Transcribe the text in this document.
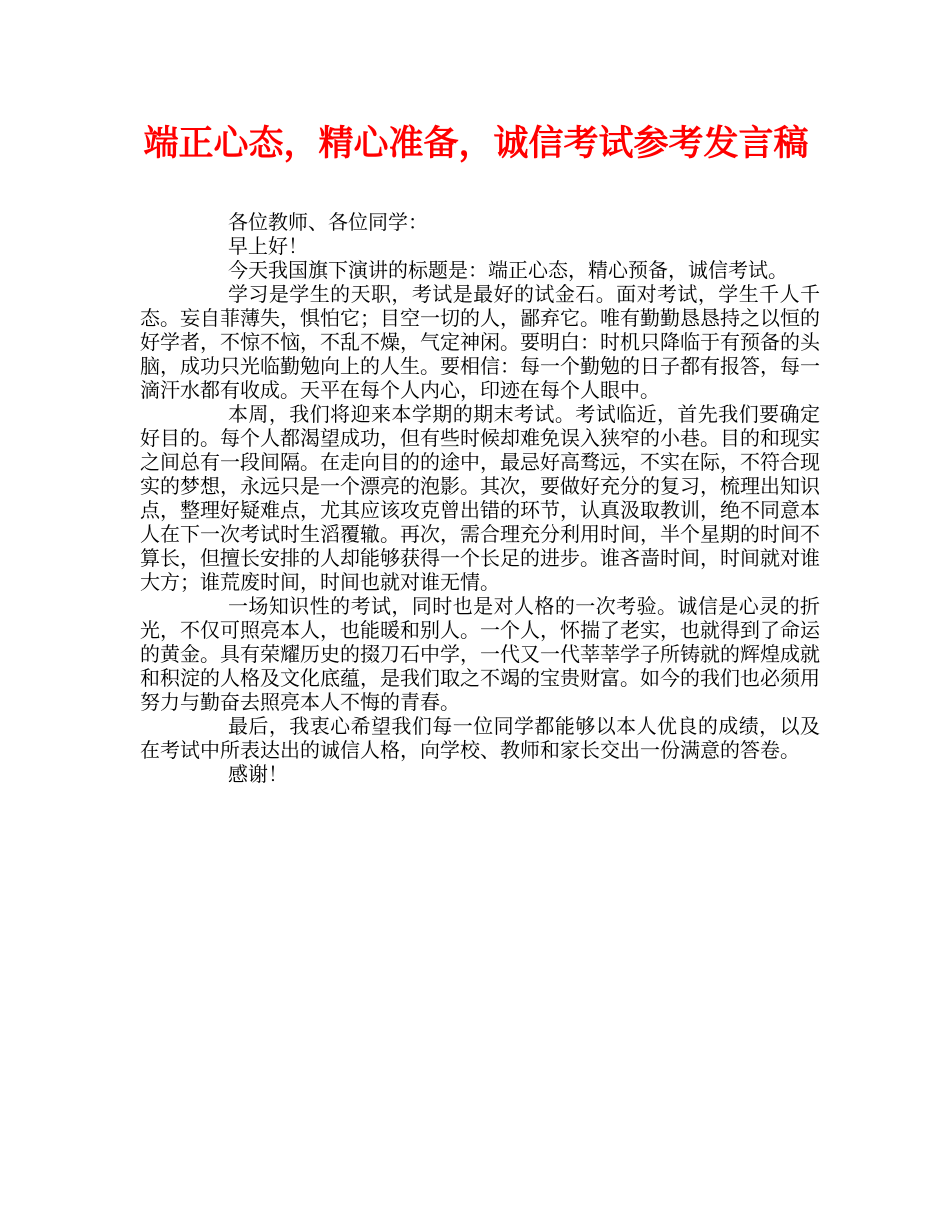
端正心态，精心准备，诚信考试参考发言稿

各位教师、各位同学：

早上好！

今天我国旗下演讲的标题是：端正心态，精心预备，诚信考试。

学习是学生的天职，考试是最好的试金石。面对考试，学生千人千态。妄自菲薄失，惧怕它；目空一切的人，鄙弃它。唯有勤勤恳恳持之以恒的好学者，不惊不恼，不乱不燥，气定神闲。要明白：时机只降临于有预备的头脑，成功只光临勤勉向上的人生。要相信：每一个勤勉的日子都有报答，每一滴汗水都有收成。天平在每个人内心，印迹在每个人眼中。

本周，我们将迎来本学期的期末考试。考试临近，首先我们要确定好目的。每个人都渴望成功，但有些时候却难免误入狭窄的小巷。目的和现实之间总有一段间隔。在走向目的的途中，最忌好高骛远，不实在际，不符合现实的梦想，永远只是一个漂亮的泡影。其次，要做好充分的复习，梳理出知识点，整理好疑难点，尤其应该攻克曾出错的环节，认真汲取教训，绝不同意本人在下一次考试时生滔覆辙。再次，需合理充分利用时间，半个星期的时间不算长，但擅长安排的人却能够获得一个长足的进步。谁吝啬时间，时间就对谁大方；谁荒废时间，时间也就对谁无情。

一场知识性的考试，同时也是对人格的一次考验。诚信是心灵的折光，不仅可照亮本人，也能暖和别人。一个人，怀揣了老实，也就得到了命运的黄金。具有荣耀历史的掇刀石中学，一代又一代莘莘学子所铸就的辉煌成就和积淀的人格及文化底蕴，是我们取之不竭的宝贵财富。如今的我们也必须用努力与勤奋去照亮本人不悔的青春。

最后，我衷心希望我们每一位同学都能够以本人优良的成绩，以及在考试中所表达出的诚信人格，向学校、教师和家长交出一份满意的答卷。

感谢！
